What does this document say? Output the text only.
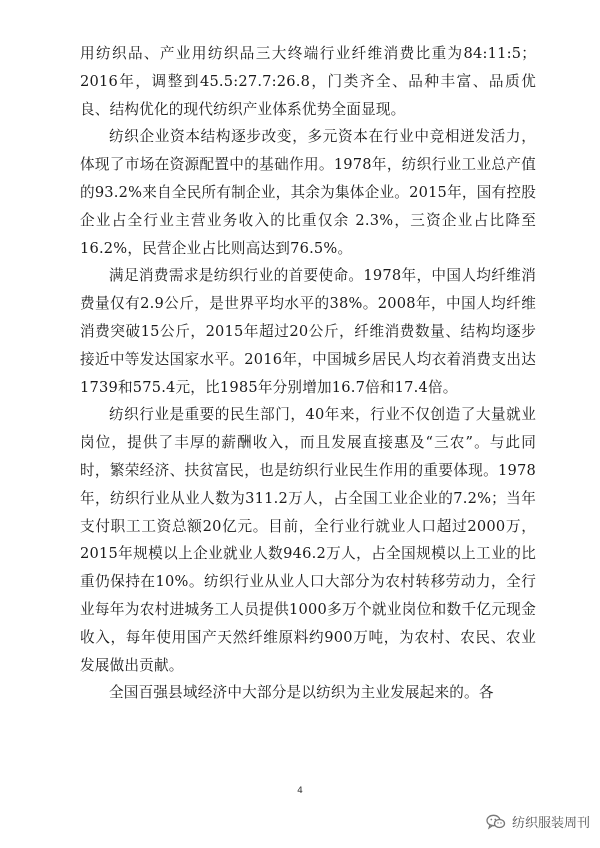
用纺织品、产业用纺织品三大终端行业纤维消费比重为84:11:5；2016年，调整到45.5:27.7:26.8，门类齐全、品种丰富、品质优良、结构优化的现代纺织产业体系优势全面显现。

纺织企业资本结构逐步改变，多元资本在行业中竞相迸发活力，体现了市场在资源配置中的基础作用。1978年，纺织行业工业总产值的93.2%来自全民所有制企业，其余为集体企业。2015年，国有控股企业占全行业主营业务收入的比重仅余 2.3%，三资企业占比降至16.2%，民营企业占比则高达到76.5%。

满足消费需求是纺织行业的首要使命。1978年，中国人均纤维消费量仅有2.9公斤，是世界平均水平的38%。2008年，中国人均纤维消费突破15公斤，2015年超过20公斤，纤维消费数量、结构均逐步接近中等发达国家水平。2016年，中国城乡居民人均衣着消费支出达1739和575.4元，比1985年分别增加16.7倍和17.4倍。

纺织行业是重要的民生部门，40年来，行业不仅创造了大量就业岗位，提供了丰厚的薪酬收入，而且发展直接惠及“三农”。与此同时，繁荣经济、扶贫富民，也是纺织行业民生作用的重要体现。1978年，纺织行业从业人数为311.2万人，占全国工业企业的7.2%；当年支付职工工资总额20亿元。目前，全行业行就业人口超过2000万，2015年规模以上企业就业人数946.2万人，占全国规模以上工业的比重仍保持在10%。纺织行业从业人口大部分为农村转移劳动力，全行业每年为农村进城务工人员提供1000多万个就业岗位和数千亿元现金收入，每年使用国产天然纤维原料约900万吨，为农村、农民、农业发展做出贡献。

全国百强县域经济中大部分是以纺织为主业发展起来的。各

4
纺织服装周刊
